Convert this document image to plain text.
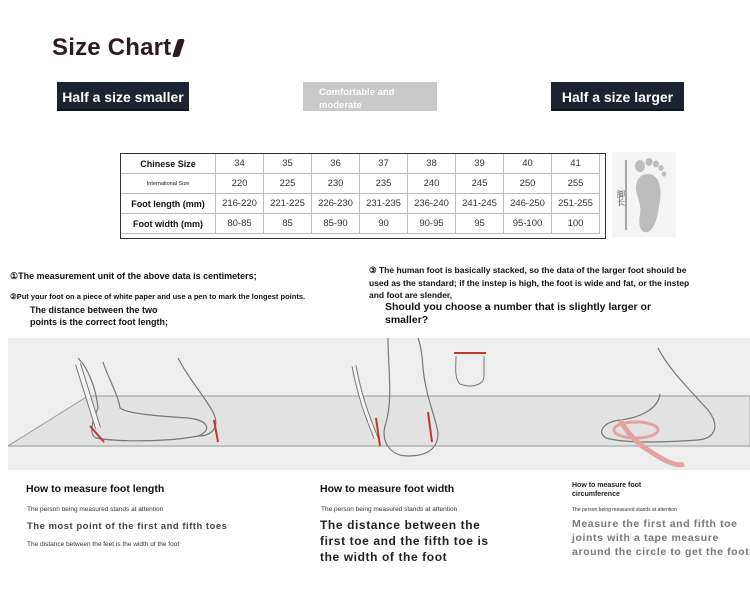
Size Chart
Half a size smaller	Comfortable and moderate
Half a size larger
Chinese Size	34	35	36	37	38	39	40	41
International Size	220	225	230	235	240	245	250	255
Foot length (mm)	216-220	221-225	226-230	231-235	236-240	241-245	246-250	251-255
Foot width (mm)	80-85	85	85-90	90	90-95	95	95-100	100
脚长
①The measurement unit of the above data is centimeters;
②Put your foot on a piece of white paper and use a pen to mark the longest points.
The distance between the two
points is the correct foot length;
③ The human foot is basically stacked, so the data of the larger foot should be
used as the standard; if the instep is high, the foot is wide and fat, or the instep
and foot are slender,
Should you choose a number that is slightly larger or
smaller?
How to measure foot length
The person being measured stands at attention
The most point of the first and fifth toes
The distance between the feet is the width of the foot
How to measure foot width
The person being measured stands at attention
The distance between the
first toe and the fifth toe is
the width of the foot
How to measure foot
circumference
The person being measured stands at attention
Measure the first and fifth toe
joints with a tape measure
around the circle to get the foot
